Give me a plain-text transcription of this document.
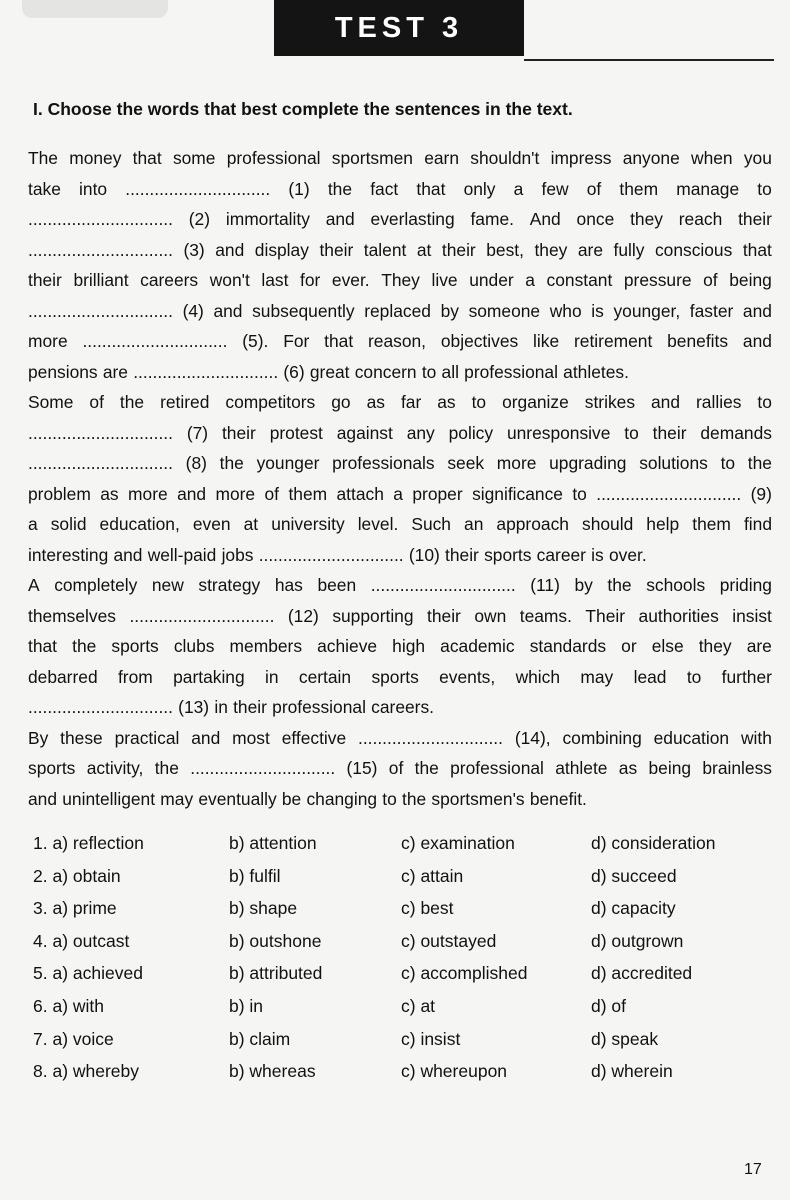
TEST 3
I. Choose the words that best complete the sentences in the text.
The money that some professional sportsmen earn shouldn't impress anyone when you
take into .............................. (1) the fact that only a few of them manage to
.............................. (2) immortality and everlasting fame. And once they reach their
.............................. (3) and display their talent at their best, they are fully conscious that
their brilliant careers won't last for ever. They live under a constant pressure of being
.............................. (4) and subsequently replaced by someone who is younger, faster and
more .............................. (5). For that reason, objectives like retirement benefits and
pensions are .............................. (6) great concern to all professional athletes.
Some of the retired competitors go as far as to organize strikes and rallies to
.............................. (7) their protest against any policy unresponsive to their demands
.............................. (8) the younger professionals seek more upgrading solutions to the
problem as more and more of them attach a proper significance to .............................. (9)
a solid education, even at university level. Such an approach should help them find
interesting and well-paid jobs .............................. (10) their sports career is over.
A completely new strategy has been .............................. (11) by the schools priding
themselves .............................. (12) supporting their own teams. Their authorities insist
that the sports clubs members achieve high academic standards or else they are
debarred from partaking in certain sports events, which may lead to further
.............................. (13) in their professional careers.
By these practical and most effective .............................. (14), combining education with
sports activity, the .............................. (15) of the professional athlete as being brainless
and unintelligent may eventually be changing to the sportsmen's benefit.
1. a) reflection	b) attention	c) examination	d) consideration
2. a) obtain	b) fulfil	c) attain	d) succeed
3. a) prime	b) shape	c) best	d) capacity
4. a) outcast	b) outshone	c) outstayed	d) outgrown
5. a) achieved	b) attributed	c) accomplished	d) accredited
6. a) with	b) in	c) at	d) of
7. a) voice	b) claim	c) insist	d) speak
8. a) whereby	b) whereas	c) whereupon	d) wherein
17
